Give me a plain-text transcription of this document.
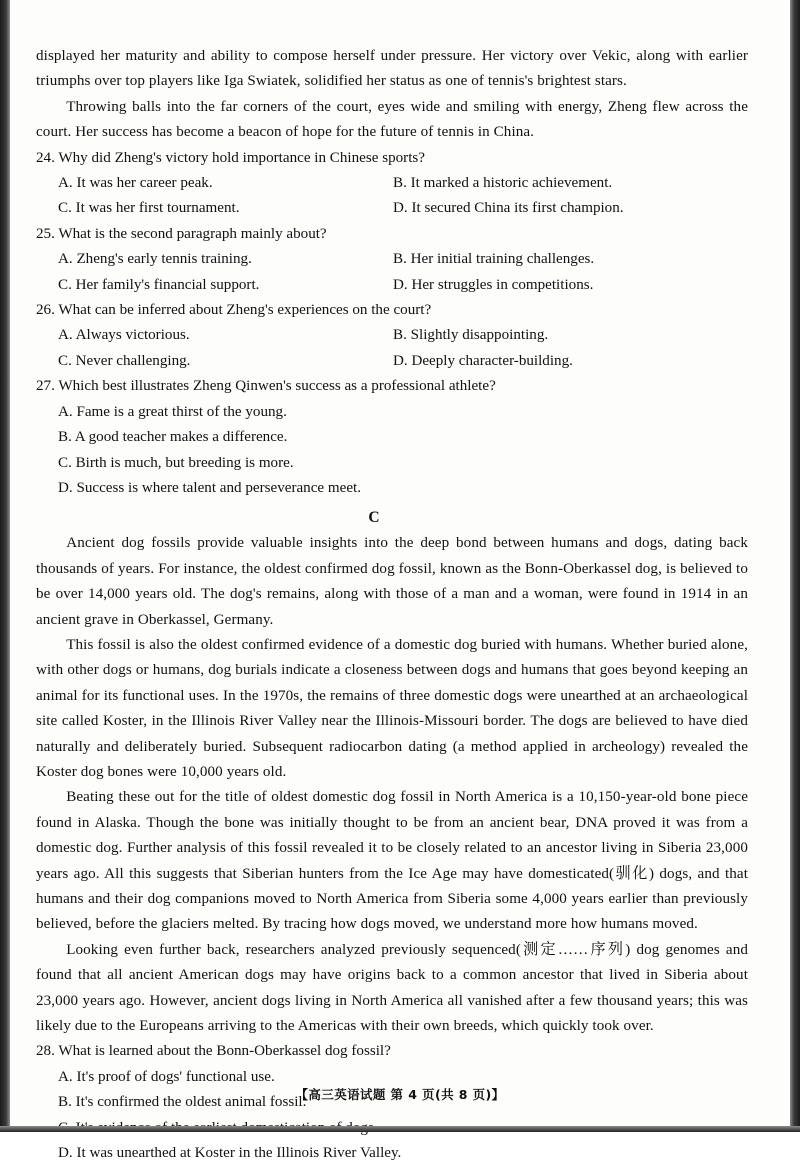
displayed her maturity and ability to compose herself under pressure. Her victory over Vekic, along with earlier triumphs over top players like Iga Swiatek, solidified her status as one of tennis's brightest stars.

Throwing balls into the far corners of the court, eyes wide and smiling with energy, Zheng flew across the court. Her success has become a beacon of hope for the future of tennis in China.

24. Why did Zheng's victory hold importance in Chinese sports?
A. It was her career peak.	B. It marked a historic achievement.
C. It was her first tournament.	D. It secured China its first champion.
25. What is the second paragraph mainly about?
A. Zheng's early tennis training.	B. Her initial training challenges.
C. Her family's financial support.	D. Her struggles in competitions.
26. What can be inferred about Zheng's experiences on the court?
A. Always victorious.	B. Slightly disappointing.
C. Never challenging.	D. Deeply character-building.
27. Which best illustrates Zheng Qinwen's success as a professional athlete?
A. Fame is a great thirst of the young.
B. A good teacher makes a difference.
C. Birth is much, but breeding is more.
D. Success is where talent and perseverance meet.
C

Ancient dog fossils provide valuable insights into the deep bond between humans and dogs, dating back thousands of years. For instance, the oldest confirmed dog fossil, known as the Bonn-Oberkassel dog, is believed to be over 14,000 years old. The dog's remains, along with those of a man and a woman, were found in 1914 in an ancient grave in Oberkassel, Germany.

This fossil is also the oldest confirmed evidence of a domestic dog buried with humans. Whether buried alone, with other dogs or humans, dog burials indicate a closeness between dogs and humans that goes beyond keeping an animal for its functional uses. In the 1970s, the remains of three domestic dogs were unearthed at an archaeological site called Koster, in the Illinois River Valley near the Illinois-Missouri border. The dogs are believed to have died naturally and deliberately buried. Subsequent radiocarbon dating (a method applied in archeology) revealed the Koster dog bones were 10,000 years old.

Beating these out for the title of oldest domestic dog fossil in North America is a 10,150-year-old bone piece found in Alaska. Though the bone was initially thought to be from an ancient bear, DNA proved it was from a domestic dog. Further analysis of this fossil revealed it to be closely related to an ancestor living in Siberia 23,000 years ago. All this suggests that Siberian hunters from the Ice Age may have domesticated(驯化) dogs, and that humans and their dog companions moved to North America from Siberia some 4,000 years earlier than previously believed, before the glaciers melted. By tracing how dogs moved, we understand more how humans moved.

Looking even further back, researchers analyzed previously sequenced(测定……序列) dog genomes and found that all ancient American dogs may have origins back to a common ancestor that lived in Siberia about 23,000 years ago. However, ancient dogs living in North America all vanished after a few thousand years; this was likely due to the Europeans arriving to the Americas with their own breeds, which quickly took over.

28. What is learned about the Bonn-Oberkassel dog fossil?
A. It's proof of dogs' functional use.
B. It's confirmed the oldest animal fossil.
D. It was unearthed at Koster in the Illinois River Valley.
【高三英语试题 第 4 页(共 8 页)】
